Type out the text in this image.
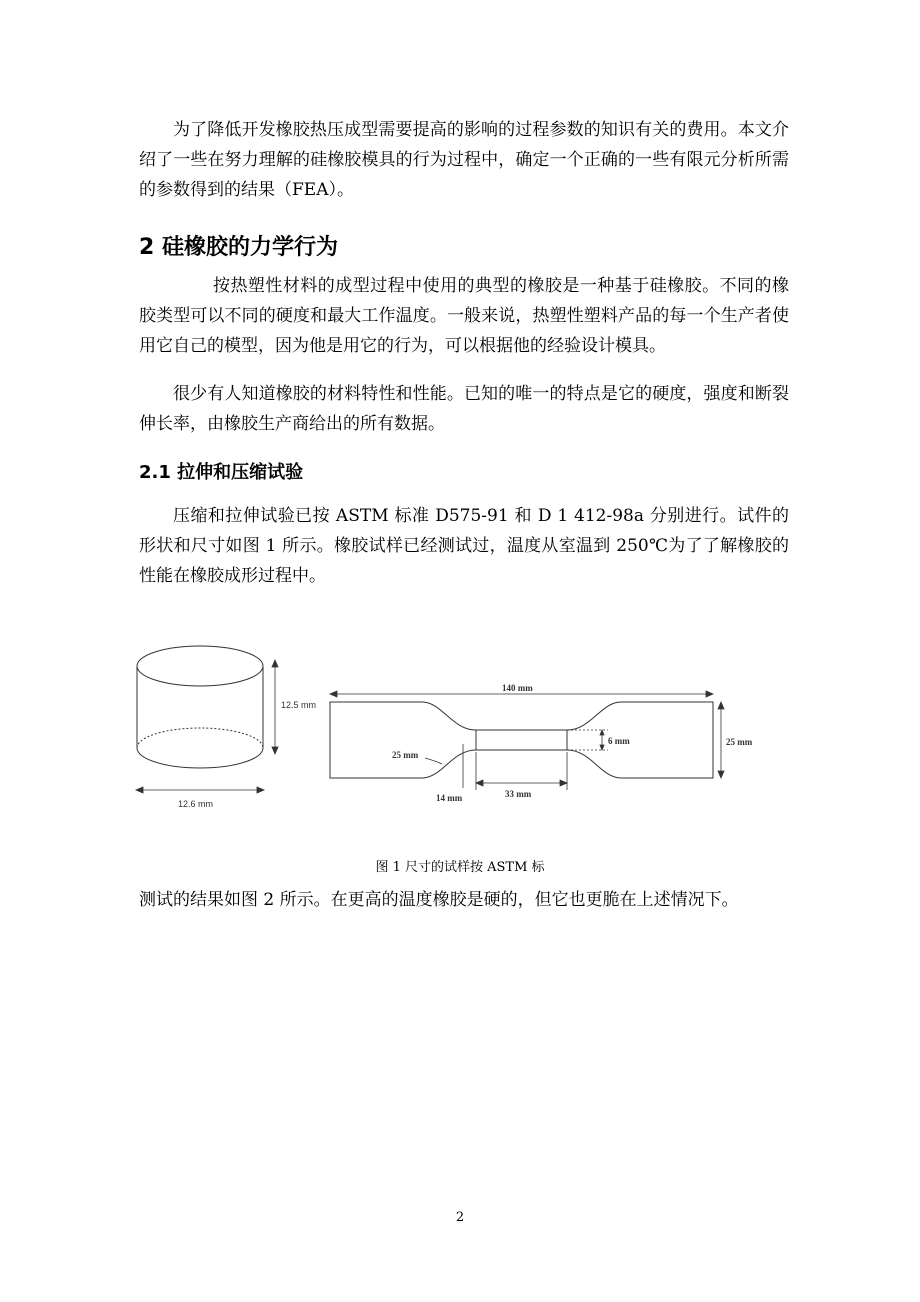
为了降低开发橡胶热压成型需要提高的影响的过程参数的知识有关的费用。本文介绍了一些在努力理解的硅橡胶模具的行为过程中，确定一个正确的一些有限元分析所需的参数得到的结果（FEA）。

2 硅橡胶的力学行为

按热塑性材料的成型过程中使用的典型的橡胶是一种基于硅橡胶。不同的橡胶类型可以不同的硬度和最大工作温度。一般来说，热塑性塑料产品的每一个生产者使用它自己的模型，因为他是用它的行为，可以根据他的经验设计模具。

很少有人知道橡胶的材料特性和性能。已知的唯一的特点是它的硬度，强度和断裂伸长率，由橡胶生产商给出的所有数据。

2.1 拉伸和压缩试验

压缩和拉伸试验已按 ASTM 标准 D575-91 和 D 1 412-98a 分别进行。试件的形状和尺寸如图 1 所示。橡胶试样已经测试过，温度从室温到 250℃为了了解橡胶的性能在橡胶成形过程中。

12.5 mm
12.6 mm
140 mm
25 mm
6 mm
25 mm
33 mm
14 mm

图 1 尺寸的试样按 ASTM 标

测试的结果如图 2 所示。在更高的温度橡胶是硬的，但它也更脆在上述情况下。

2
